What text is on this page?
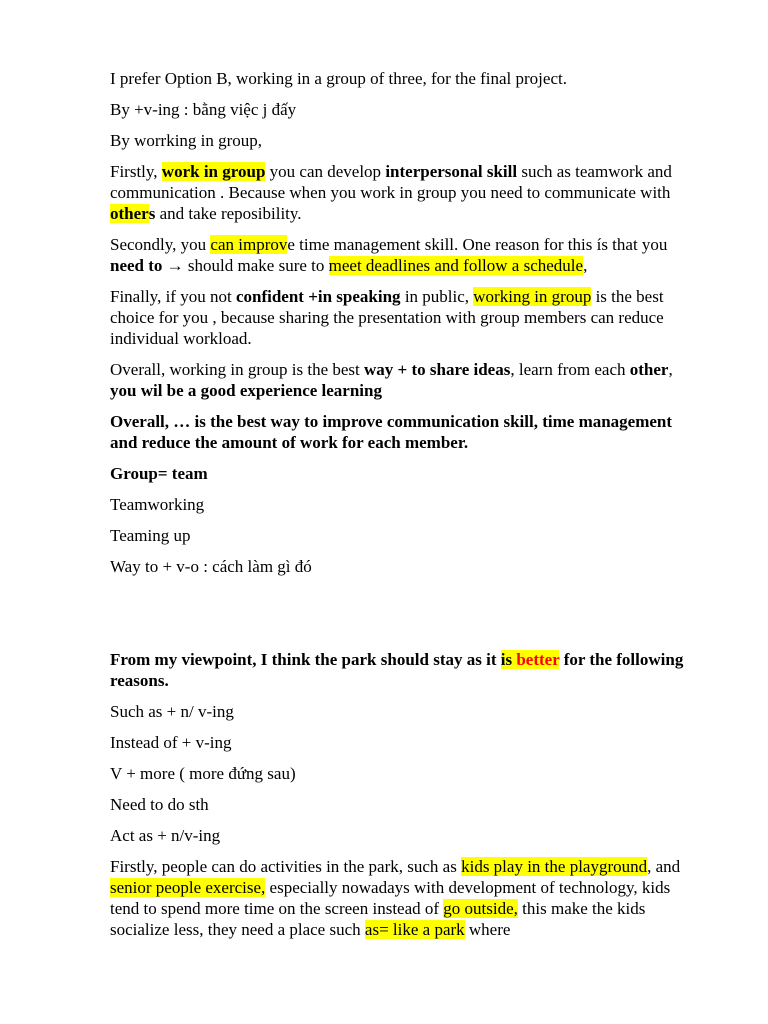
I prefer Option B, working in a group of three, for the final project.

By +v-ing : bằng việc j đấy

By worrking in group,

Firstly, work in group you can develop interpersonal skill such as teamwork and communication . Because when you work in group you need to communicate with others and take reposibility.

Secondly, you can improve time management skill. One reason for this ís that you need to → should make sure to meet deadlines and follow a schedule,

Finally, if you not confident +in speaking in public, working in group is the best choice for you , because sharing the presentation with group members can reduce individual workload.

Overall, working in group is the best way + to share ideas, learn from each other, you wil be a good experience learning

Overall, … is the best way to improve communication skill, time management and reduce the amount of work for each member.

Group= team

Teamworking

Teaming up

Way to + v-o : cách làm gì đó

From my viewpoint, I think the park should stay as it is better for the following reasons.

Such as + n/ v-ing

Instead of + v-ing

V + more ( more đứng sau)

Need to do sth

Act as + n/v-ing

Firstly, people can do activities in the park, such as kids play in the playground, and senior people exercise, especially nowadays with development of technology, kids tend to spend more time on the screen instead of go outside, this make the kids socialize less, they need a place such as= like a park where
